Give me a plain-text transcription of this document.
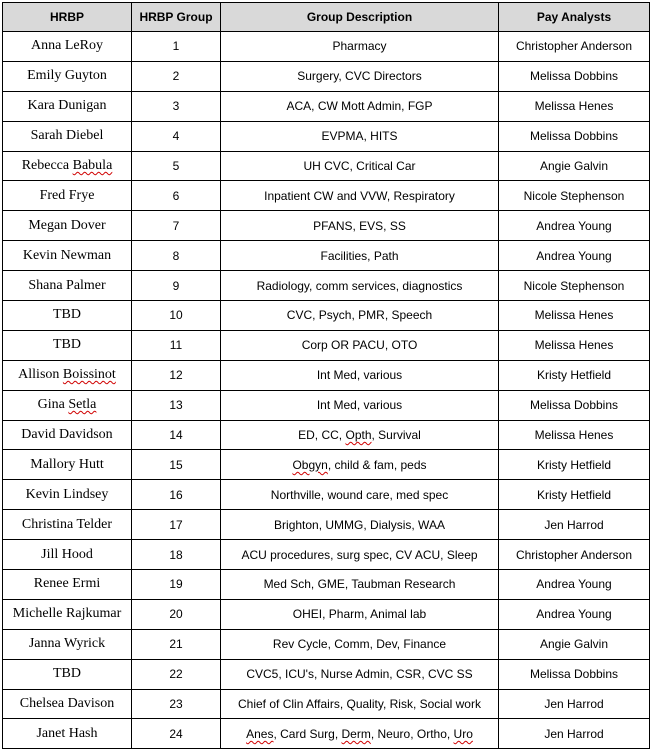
HRBP	HRBP Group	Group Description	Pay Analysts
Anna LeRoy	1	Pharmacy	Christopher Anderson
Emily Guyton	2	Surgery, CVC Directors	Melissa Dobbins
Kara Dunigan	3	ACA, CW Mott Admin, FGP	Melissa Henes
Sarah Diebel	4	EVPMA, HITS	Melissa Dobbins
Rebecca Babula	5	UH CVC, Critical Car	Angie Galvin
Fred Frye	6	Inpatient CW and VVW, Respiratory	Nicole Stephenson
Megan Dover	7	PFANS, EVS, SS	Andrea Young
Kevin Newman	8	Facilities, Path	Andrea Young
Shana Palmer	9	Radiology, comm services, diagnostics	Nicole Stephenson
TBD	10	CVC, Psych, PMR, Speech	Melissa Henes
TBD	11	Corp OR PACU, OTO	Melissa Henes
Allison Boissinot	12	Int Med, various	Kristy Hetfield
Gina Setla	13	Int Med, various	Melissa Dobbins
David Davidson	14	ED, CC, Opth, Survival	Melissa Henes
Mallory Hutt	15	Obgyn, child & fam, peds	Kristy Hetfield
Kevin Lindsey	16	Northville, wound care, med spec	Kristy Hetfield
Christina Telder	17	Brighton, UMMG, Dialysis, WAA	Jen Harrod
Jill Hood	18	ACU procedures, surg spec, CV ACU, Sleep	Christopher Anderson
Renee Ermi	19	Med Sch, GME, Taubman Research	Andrea Young
Michelle Rajkumar	20	OHEI, Pharm, Animal lab	Andrea Young
Janna Wyrick	21	Rev Cycle, Comm, Dev, Finance	Angie Galvin
TBD	22	CVC5, ICU's, Nurse Admin, CSR, CVC SS	Melissa Dobbins
Chelsea Davison	23	Chief of Clin Affairs, Quality, Risk, Social work	Jen Harrod
Janet Hash	24	Anes, Card Surg, Derm, Neuro, Ortho, Uro	Jen Harrod
